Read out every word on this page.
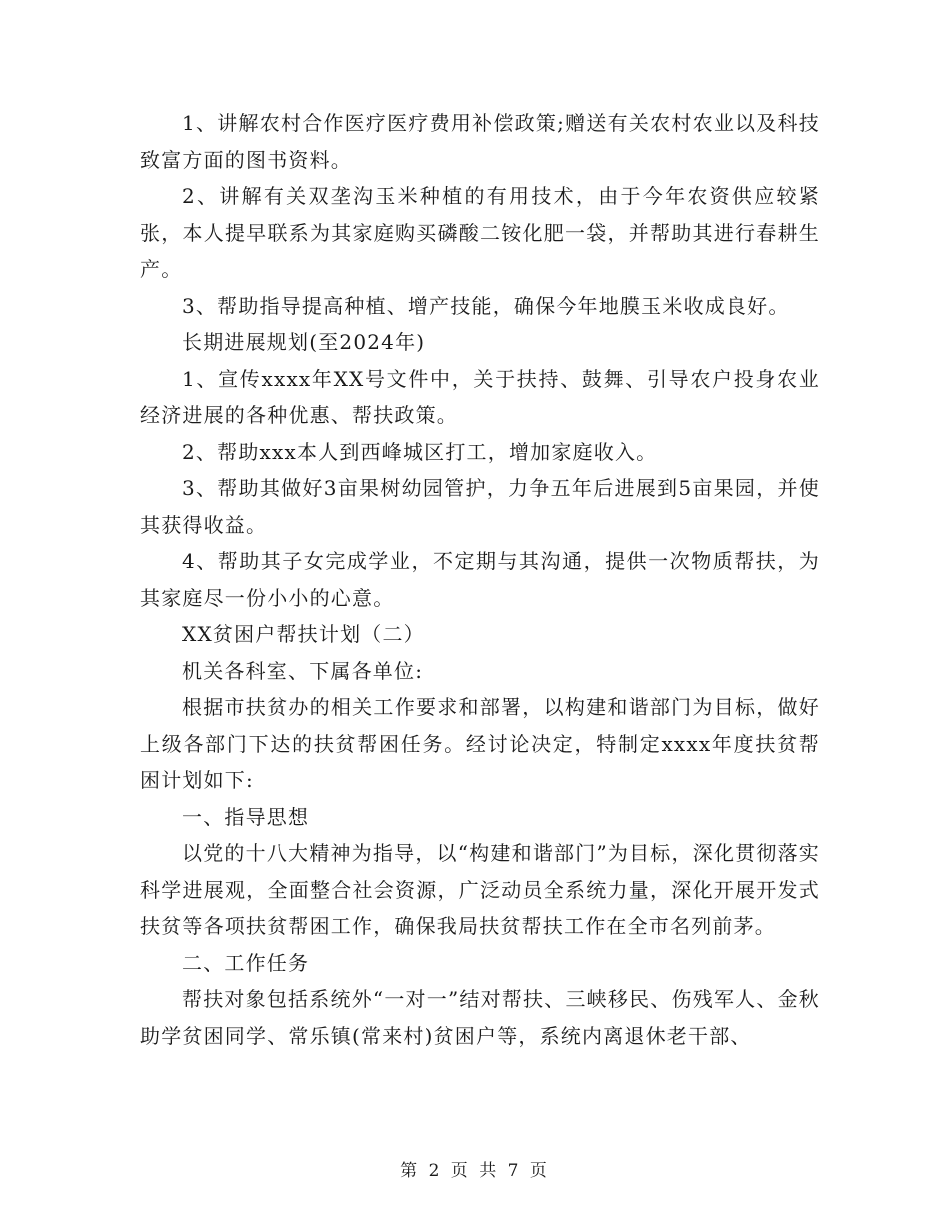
1、讲解农村合作医疗医疗费用补偿政策;赠送有关农村农业以及科技致富方面的图书资料。

2、讲解有关双垄沟玉米种植的有用技术，由于今年农资供应较紧张，本人提早联系为其家庭购买磷酸二铵化肥一袋，并帮助其进行春耕生产。

3、帮助指导提高种植、增产技能，确保今年地膜玉米收成良好。

长期进展规划(至2024年)

1、宣传xxxx年XX号文件中，关于扶持、鼓舞、引导农户投身农业经济进展的各种优惠、帮扶政策。

2、帮助xxx本人到西峰城区打工，增加家庭收入。

3、帮助其做好3亩果树幼园管护，力争五年后进展到5亩果园，并使其获得收益。

4、帮助其子女完成学业，不定期与其沟通，提供一次物质帮扶，为其家庭尽一份小小的心意。

XX贫困户帮扶计划（二）

机关各科室、下属各单位:

根据市扶贫办的相关工作要求和部署，以构建和谐部门为目标，做好上级各部门下达的扶贫帮困任务。经讨论决定，特制定xxxx年度扶贫帮困计划如下:

一、指导思想

以党的十八大精神为指导，以“构建和谐部门”为目标，深化贯彻落实科学进展观，全面整合社会资源，广泛动员全系统力量，深化开展开发式扶贫等各项扶贫帮困工作，确保我局扶贫帮扶工作在全市名列前茅。

二、工作任务

帮扶对象包括系统外“一对一”结对帮扶、三峡移民、伤残军人、金秋助学贫困同学、常乐镇(常来村)贫困户等，系统内离退休老干部、

第 2 页 共 7 页
